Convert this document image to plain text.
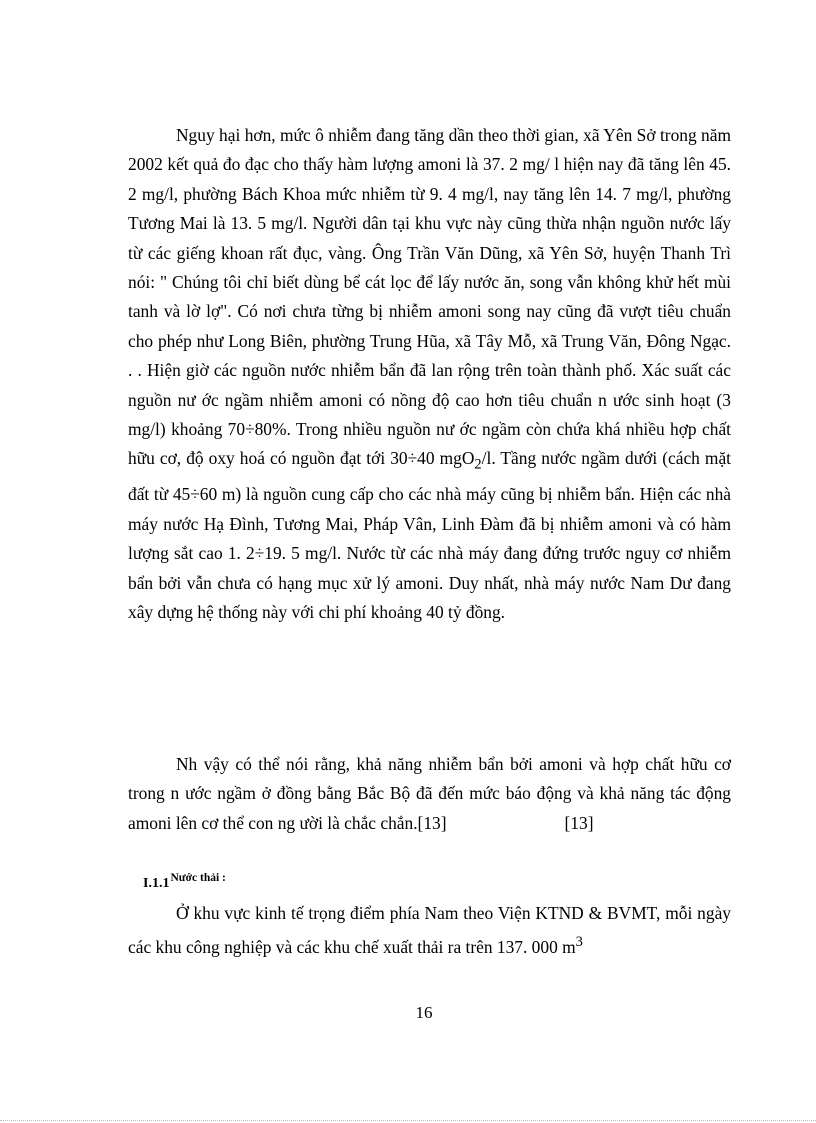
Nguy hại hơn, mức ô nhiễm đang tăng dần theo thời gian, xã Yên Sở trong năm 2002 kết quả đo đạc cho thấy hàm lượng amoni là 37. 2 mg/ l hiện nay đã tăng lên 45. 2 mg/l, phường Bách Khoa mức nhiễm từ 9. 4 mg/l, nay tăng lên 14. 7 mg/l, phường Tương Mai là 13. 5 mg/l. Người dân tại khu vực này cũng thừa nhận nguồn nước lấy từ các giếng khoan rất đục, vàng. Ông Trần Văn Dũng, xã Yên Sở, huyện Thanh Trì nói: " Chúng tôi chỉ biết dùng bể cát lọc để lấy nước ăn, song vẫn không khử hết mùi tanh và lờ lợ". Có nơi chưa từng bị nhiễm amoni song nay cũng đã vượt tiêu chuẩn cho phép như Long Biên, phường Trung Hũa, xã Tây Mỗ, xã Trung Văn, Đông Ngạc. . . Hiện giờ các nguồn nước nhiễm bẩn đã lan rộng trên toàn thành phố. Xác suất các nguồn nư ớc ngầm nhiễm amoni có nồng độ cao hơn tiêu chuẩn n ước sinh hoạt (3 mg/l) khoảng 70÷80%. Trong nhiều nguồn nư ớc ngầm còn chứa khá nhiều hợp chất hữu cơ, độ oxy hoá có nguồn đạt tới 30÷40 mgO$_2$/l. Tầng nước ngầm dưới (cách mặt đất từ 45÷60 m) là nguồn cung cấp cho các nhà máy cũng bị nhiễm bẩn. Hiện các nhà máy nước Hạ Đình, Tương Mai, Pháp Vân, Linh Đàm đã bị nhiễm amoni và có hàm lượng sắt cao 1. 2÷19. 5 mg/l. Nước từ các nhà máy đang đứng trước nguy cơ nhiễm bẩn bởi vẫn chưa có hạng mục xử lý amoni. Duy nhất, nhà máy nước Nam Dư đang xây dựng hệ thống này với chi phí khoảng 40 tỷ đồng.

Nh vậy có thể nói rằng, khả năng nhiễm bẩn bởi amoni và hợp chất hữu cơ trong n ước ngầm ở đồng bằng Bắc Bộ đã đến mức báo động và khả năng tác động amoni lên cơ thể con ng ười là chắc chắn.[13]	[13]

$I.1.1^{Nước thải :}$

Ở khu vực kinh tế trọng điểm phía Nam theo Viện KTND & BVMT, mỗi ngày các khu công nghiệp và các khu chế xuất thải ra trên 137. 000 $m^3$

16
